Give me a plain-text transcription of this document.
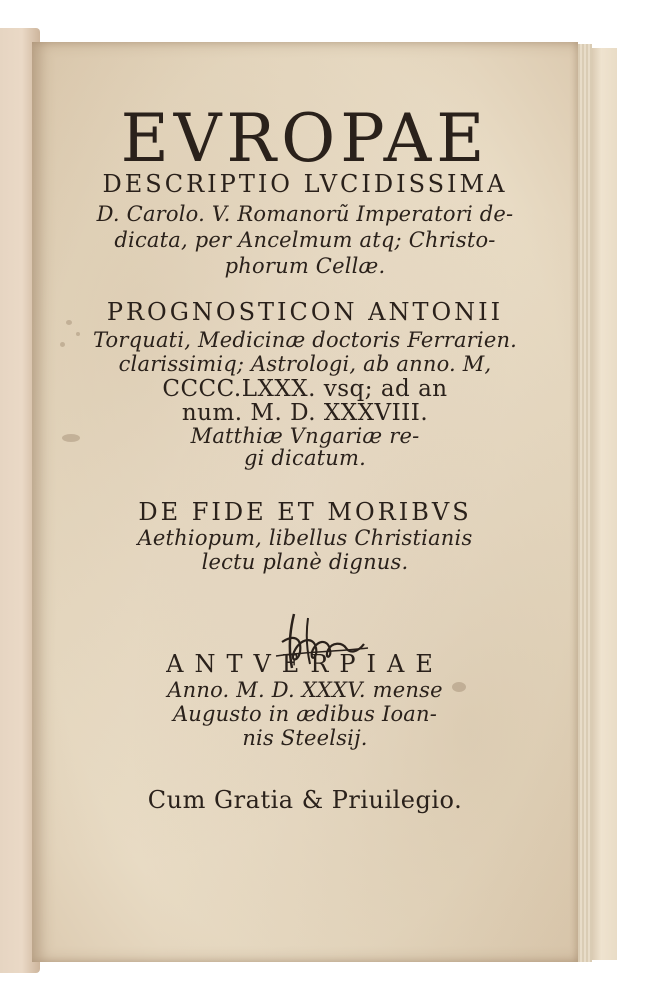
EVROPAE
DESCRIPTIO LVCIDISSIMA
D. Carolo. V. Romanorũ Imperatori de-
dicata, per Ancelmum atq; Christo-
phorum Cellæ.
PROGNOSTICON ANTONII
Torquati, Medicinæ doctoris Ferrarien.
clarissimiq; Astrologi, ab anno. M,
CCCC.LXXX. vsq; ad an
num. M. D. XXXVIII.
Matthiæ Vngariæ re-
gi dicatum.
DE FIDE ET MORIBVS
Aethiopum, libellus Christianis
lectu planè dignus.
ANTVERPIAE
Anno. M. D. XXXV. mense
Augusto in ædibus Ioan-
nis Steelsij.
Cum Gratia & Priuilegio.
